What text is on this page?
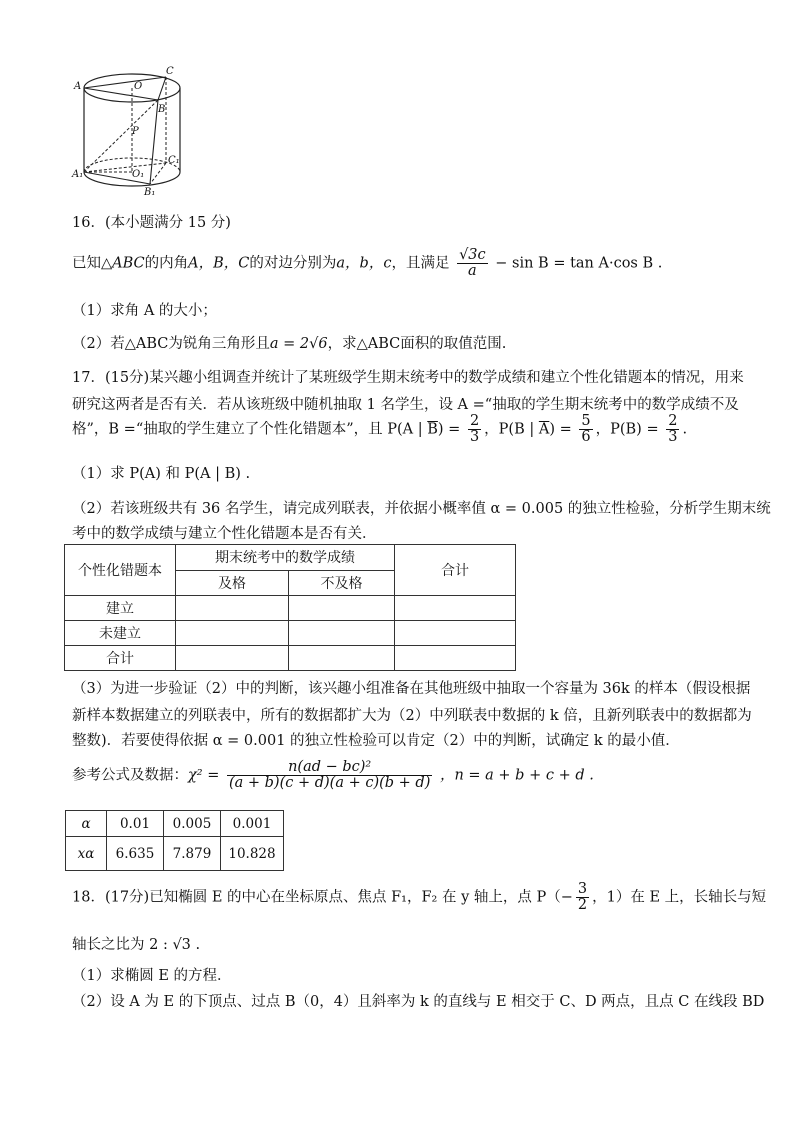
A
C
O
B
P
C₁
A₁	O₁
B₁
16．(本小题满分 15 分)
已知△ABC的内角A，B，C的对边分别为a，b，c，且满足 $\frac{√3c}{a} - \sin B = \tan A\cdot\cos$ B .
（1）求角 A 的大小；
（2）若△ABC为锐角三角形且a = 2√6，求△ABC面积的取值范围.
17．(15分)某兴趣小组调查并统计了某班级学生期末统考中的数学成绩和建立个性化错题本的情况，用来
研究这两者是否有关．若从该班级中随机抽取 1 名学生，设 A =“抽取的学生期末统考中的数学成绩不及
格”，B =“抽取的学生建立了个性化错题本”，且 P(A | $\overline{B}) = \frac{2}{3}$ ，P(B | $\overline{A}) = \frac{5}{6}$ ，$P(B) = \frac{2}{3}$ .
（1）求 P(A) 和 P(A | B) .
（2）若该班级共有 36 名学生，请完成列联表，并依据小概率值 α = 0.005 的独立性检验，分析学生期末统
考中的数学成绩与建立个性化错题本是否有关．
个性化错题本	期末统考中的数学成绩		合计
	及格	不及格	
建立			
未建立			
合计			
（3）为进一步验证（2）中的判断，该兴趣小组准备在其他班级中抽取一个容量为 36k 的样本（假设根据
新样本数据建立的列联表中，所有的数据都扩大为（2）中列联表中数据的 k 倍，且新列联表中的数据都为
整数)．若要使得依据 α = 0.001 的独立性检验可以肯定（2）中的判断，试确定 k 的最小值．
参考公式及数据：$\chi^2 = \frac{\text{n(ad − bc)²}}{(a + b)(c + d)(a + c)(b + d)}$ ，n = a + b + c + d .
α	0.01	0.005	0.001
xα	6.635	7.879	10.828
18．(17分)已知椭圆 E 的中心在坐标原点、焦点 F₁，F₂ 在 y 轴上，点 $P(- \frac{3}{2}$ ，1）在 E 上，长轴长与短
轴长之比为 2 : √3 .
（1）求椭圆 E 的方程．
（2）设 A 为 E 的下顶点、过点 B（0，4）且斜率为 k 的直线与 E 相交于 C、D 两点，且点 C 在线段 BD
